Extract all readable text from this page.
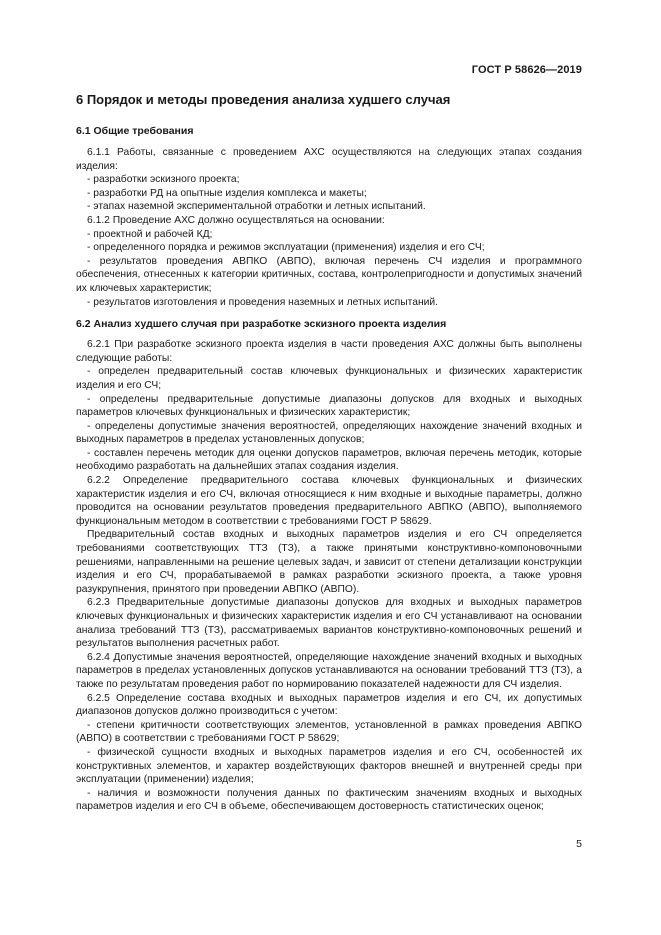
ГОСТ Р 58626—2019
6 Порядок и методы проведения анализа худшего случая
6.1 Общие требования

6.1.1 Работы, связанные с проведением АХС осуществляются на следующих этапах создания изделия:

- разработки эскизного проекта;

- разработки РД на опытные изделия комплекса и макеты;

- этапах наземной экспериментальной отработки и летных испытаний.

6.1.2 Проведение АХС должно осуществляться на основании:

- проектной и рабочей КД;

- определенного порядка и режимов эксплуатации (применения) изделия и его СЧ;

- результатов проведения АВПКО (АВПО), включая перечень СЧ изделия и программного обеспечения, отнесенных к категории критичных, состава, контролепригодности и допустимых значений их ключевых характеристик;

- результатов изготовления и проведения наземных и летных испытаний.

6.2 Анализ худшего случая при разработке эскизного проекта изделия

6.2.1 При разработке эскизного проекта изделия в части проведения АХС должны быть выполнены следующие работы:

- определен предварительный состав ключевых функциональных и физических характеристик изделия и его СЧ;

- определены предварительные допустимые диапазоны допусков для входных и выходных параметров ключевых функциональных и физических характеристик;

- определены допустимые значения вероятностей, определяющих нахождение значений входных и выходных параметров в пределах установленных допусков;

- составлен перечень методик для оценки допусков параметров, включая перечень методик, которые необходимо разработать на дальнейших этапах создания изделия.

6.2.2 Определение предварительного состава ключевых функциональных и физических характеристик изделия и его СЧ, включая относящиеся к ним входные и выходные параметры, должно проводится на основании результатов проведения предварительного АВПКО (АВПО), выполняемого функциональным методом в соответствии с требованиями ГОСТ Р 58629.

Предварительный состав входных и выходных параметров изделия и его СЧ определяется требованиями соответствующих ТТЗ (ТЗ), а также принятыми конструктивно-компоновочными решениями, направленными на решение целевых задач, и зависит от степени детализации конструкции изделия и его СЧ, прорабатываемой в рамках разработки эскизного проекта, а также уровня разукрупнения, принятого при проведении АВПКО (АВПО).

6.2.3 Предварительные допустимые диапазоны допусков для входных и выходных параметров ключевых функциональных и физических характеристик изделия и его СЧ устанавливают на основании анализа требований ТТЗ (ТЗ), рассматриваемых вариантов конструктивно-компоновочных решений и результатов выполнения расчетных работ.

6.2.4 Допустимые значения вероятностей, определяющие нахождение значений входных и выходных параметров в пределах установленных допусков устанавливаются на основании требований ТТЗ (ТЗ), а также по результатам проведения работ по нормированию показателей надежности для СЧ изделия.

6.2.5 Определение состава входных и выходных параметров изделия и его СЧ, их допустимых диапазонов допусков должно производиться с учетом:

- степени критичности соответствующих элементов, установленной в рамках проведения АВПКО (АВПО) в соответствии с требованиями ГОСТ Р 58629;

- физической сущности входных и выходных параметров изделия и его СЧ, особенностей их конструктивных элементов, и характер воздействующих факторов внешней и внутренней среды при эксплуатации (применении) изделия;

- наличия и возможности получения данных по фактическим значениям входных и выходных параметров изделия и его СЧ в объеме, обеспечивающем достоверность статистических оценок;

5
